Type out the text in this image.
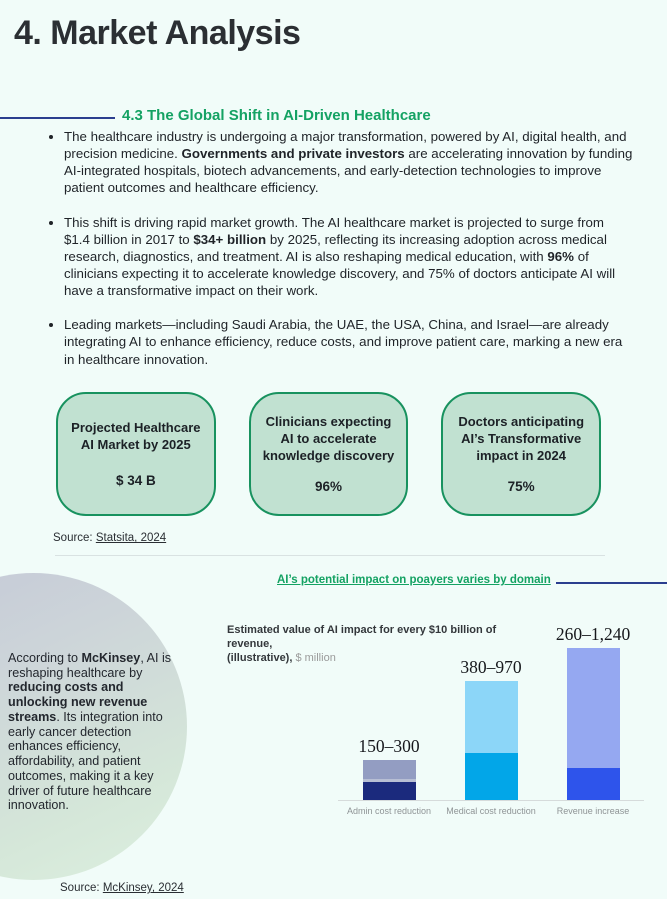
4. Market Analysis
4.3 The Global Shift in AI-Driven Healthcare
• The healthcare industry is undergoing a major transformation, powered by AI, digital health, and precision medicine. Governments and private investors are accelerating innovation by funding AI-integrated hospitals, biotech advancements, and early-detection technologies to improve patient outcomes and healthcare efficiency.
• This shift is driving rapid market growth. The AI healthcare market is projected to surge from $1.4 billion in 2017 to $34+ billion by 2025, reflecting its increasing adoption across medical research, diagnostics, and treatment. AI is also reshaping medical education, with 96% of clinicians expecting it to accelerate knowledge discovery, and 75% of doctors anticipate AI will have a transformative impact on their work.
• Leading markets—including Saudi Arabia, the UAE, the USA, China, and Israel—are already integrating AI to enhance efficiency, reduce costs, and improve patient care, marking a new era in healthcare innovation.
Projected Healthcare AI Market by 2025
$ 34 B
Clinicians expecting AI to accelerate knowledge discovery
96%
Doctors anticipating AI’s Transformative impact in 2024
75%
Source: Statsita, 2024
According to McKinsey, AI is reshaping healthcare by reducing costs and unlocking new revenue streams. Its integration into early cancer detection enhances efficiency, affordability, and patient outcomes, making it a key driver of future healthcare innovation.
AI’s potential impact on poayers varies by domain
Estimated value of AI impact for every $10 billion of revenue,
(illustrative), $ million
150–300
380–970
260–1,240
Admin cost reduction	Medical cost reduction	Revenue increase
Source: McKinsey, 2024
